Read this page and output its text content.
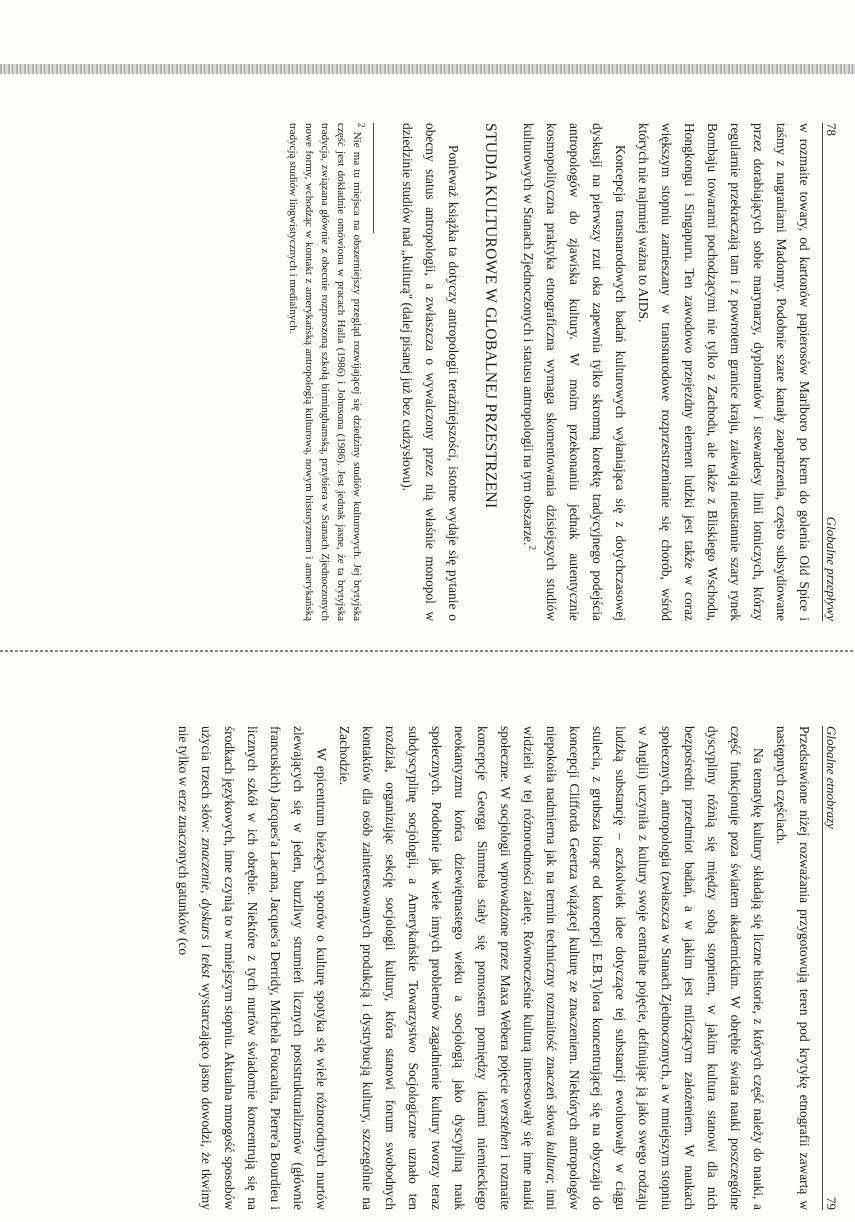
78
Globalne przepływy

w rozmaite towary, od kartonów papierosów Marlboro po krem do golenia Old Spice i taśmy z nagraniami Madonny. Podobnie szare kanały zaopatrzenia, często subsydiowane przez dorabiających sobie marynarzy, dyplomatów i stewardesy linii lotniczych, którzy regularnie przekraczają tam i z powrotem granice kraju, zalewają nieustannie szary rynek Bombaju towarami pochodzącymi nie tylko z Zachodu, ale także z Bliskiego Wschodu, Hongkongu i Singapuru. Ten zawodowo przejezdny element ludzki jest także w coraz większym stopniu zamieszany w transnarodowe rozprzestrzenianie się chorób, wśród których nie najmniej ważna to AIDS.

Koncepcja transnarodowych badań kulturowych wyłaniająca się z dotychczasowej dyskusji na pierwszy rzut oka zapewnia tylko skromną korektę tradycyjnego podejścia antropologów do zjawiska kultury. W moim przekonaniu jednak autentycznie kosmopolityczna praktyka etnograficzna wymaga skomentowania dzisiejszych studiów kulturowych w Stanach Zjednoczonych i statusu antropologii na tym obszarze.$^2$

STUDIA KULTUROWE W GLOBALNEJ PRZESTRZENI

Ponieważ książka ta dotyczy antropologii teraźniejszości, istotne wydaje się pytanie o obecny status antropologii, a zwłaszcza o wywalczony przez nią właśnie monopol w dziedzinie studiów nad „kulturą" (dalej pisanej już bez cudzysłowu).

$^2$ Nie ma tu miejsca na obszerniejszy przegląd rozwijającej się dziedziny studiów kulturowych. Jej brytyjska część jest dokładnie omówiona w pracach Halla (1986) i Johnsona (1986). Jest jednak jasne, że ta brytyjska tradycja, związana głównie z obecnie rozproszoną szkołą birminghamską, przybiera w Stanach Zjednoczonych nowe formy, wchodząc w kontakt z amerykańską antropologią kulturową, nowym historyzmem i amerykańską tradycją studiów lingwistycznych i medialnych.

Globalne etnobrazy
79

Przedstawione niżej rozważania przygotowują teren pod krytykę etnografii zawartą w następnych częściach.

Na tematykę kultury składają się liczne historie, z których część należy do nauki, a część funkcjonuje poza światem akademickim. W obrębie świata nauki poszczególne dyscypliny różnią się między sobą stopniem, w jakim kultura stanowi dla nich bezpośredni przedmiot badań, a w jakim jest milczącym założeniem. W naukach społecznych, antropologia (zwłaszcza w Stanach Zjednoczonych, a w mniejszym stopniu w Anglii) uczyniła z kultury swoje centralne pojęcie, definiując ją jako swego rodzaju ludzką substancję – aczkolwiek idee dotyczące tej substancji ewoluowały w ciągu stulecia, z grubsza biorąc od koncepcji E.B.Tylora koncentrującej się na obyczaju do koncepcji Clifforda Geertza wiążącej kulturę ze znaczeniem. Niektórych antropologów niepokoiła nadmierna jak na termin techniczny rozmaitość znaczeń słowa kultura; inni widzieli w tej różnorodności zaletę. Równocześnie kulturą interesowały się inne nauki społeczne. W socjologii wprowadzone przez Maxa Webera pojęcie verstehen i rozmaite koncepcje Georga Simmela stały się pomostem pomiędzy ideami niemieckiego neokantyzmu końca dziewiętnastego wieku a socjologią jako dyscypliną nauk społecznych. Podobnie jak wiele innych problemów zagadnienie kultury tworzy teraz subdyscyplinę socjologii, a Amerykańskie Towarzystwo Socjologiczne uznało ten rozdział, organizując sekcję socjologii kultury, która stanowi forum swobodnych kontaktów dla osób zainteresowanych produkcją i dystrybucją kultury, szczególnie na Zachodzie.

W epicentrum bieżących sporów o kulturę spotyka się wiele różnorodnych nurtów zlewających się w jeden, burzliwy strumień licznych poststrukturalizmów (głównie francuskich) Jacques'a Lacana, Jacques'a Derridy, Michela Foucaulta, Pierre'a Bourdieu i licznych szkół w ich obrębie. Niektóre z tych nurtów świadomie koncentrują się na środkach językowych, inne czynią to w mniejszym stopniu. Aktualna mnogość sposobów użycia trzech słów: znaczenie, dyskurs i tekst wystarczająco jasno dowodzi, że tkwimy nie tylko w erze znaczonych gatunków (co
